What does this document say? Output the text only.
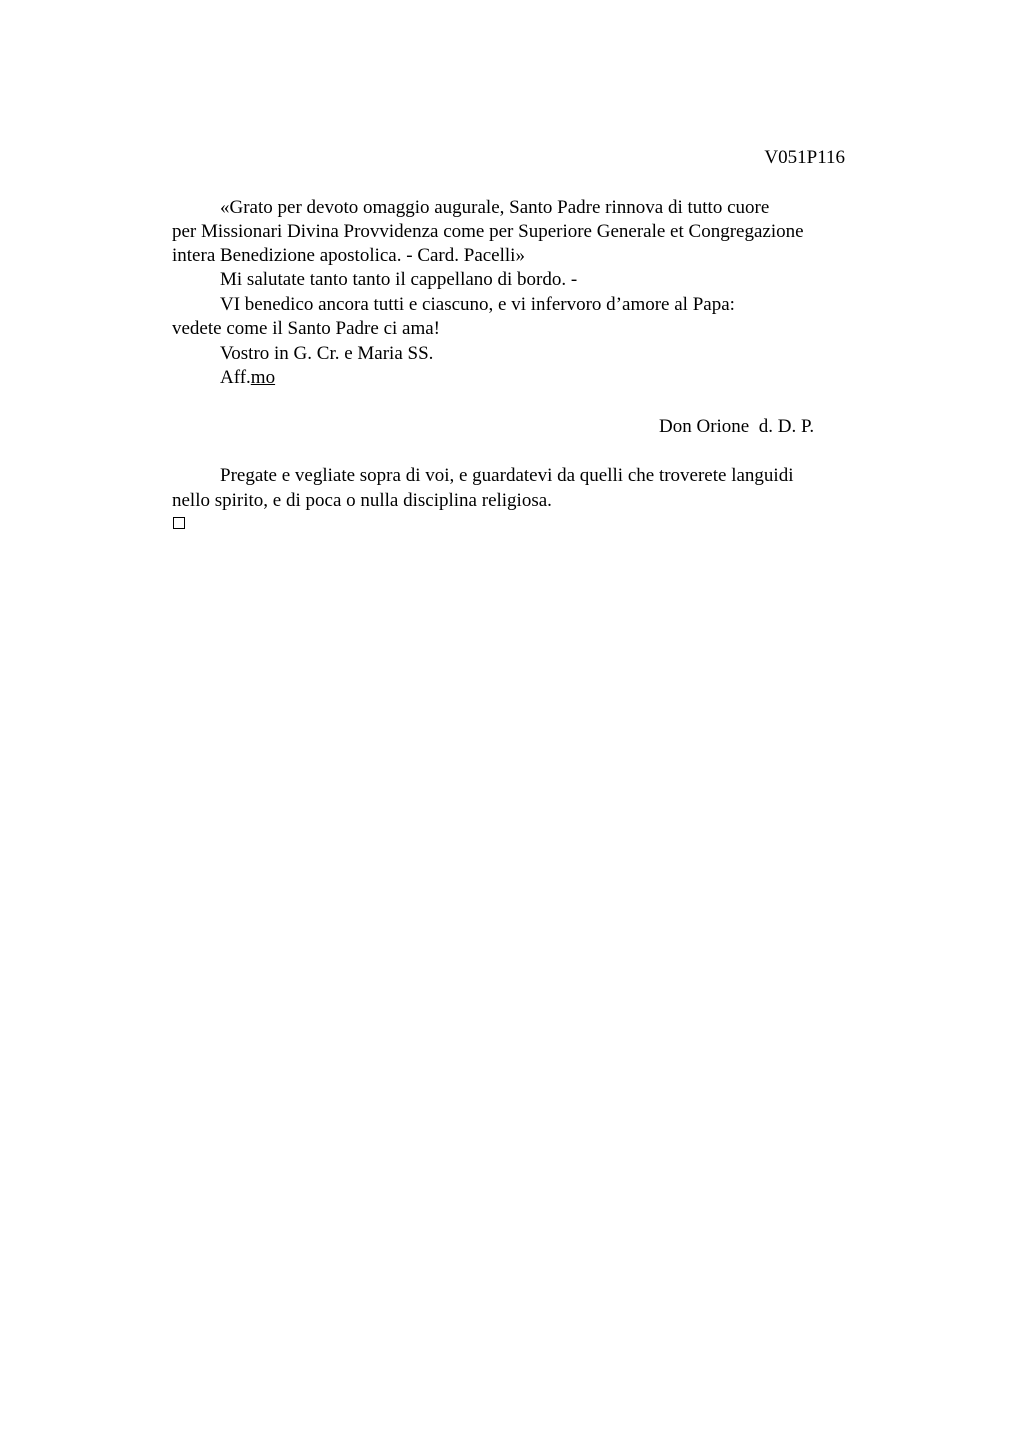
V051P116
«Grato per devoto omaggio augurale, Santo Padre rinnova di tutto cuore
per Missionari Divina Provvidenza come per Superiore Generale et Congregazione
intera Benedizione apostolica. - Card. Pacelli»
Mi salutate tanto tanto il cappellano di bordo. -
VI benedico ancora tutti e ciascuno, e vi infervoro d’amore al Papa:
vedete come il Santo Padre ci ama!
Vostro in G. Cr. e Maria SS.
Aff.mo
Don Orione  d. D. P.
Pregate e vegliate sopra di voi, e guardatevi da quelli che troverete languidi
nello spirito, e di poca o nulla disciplina religiosa.
